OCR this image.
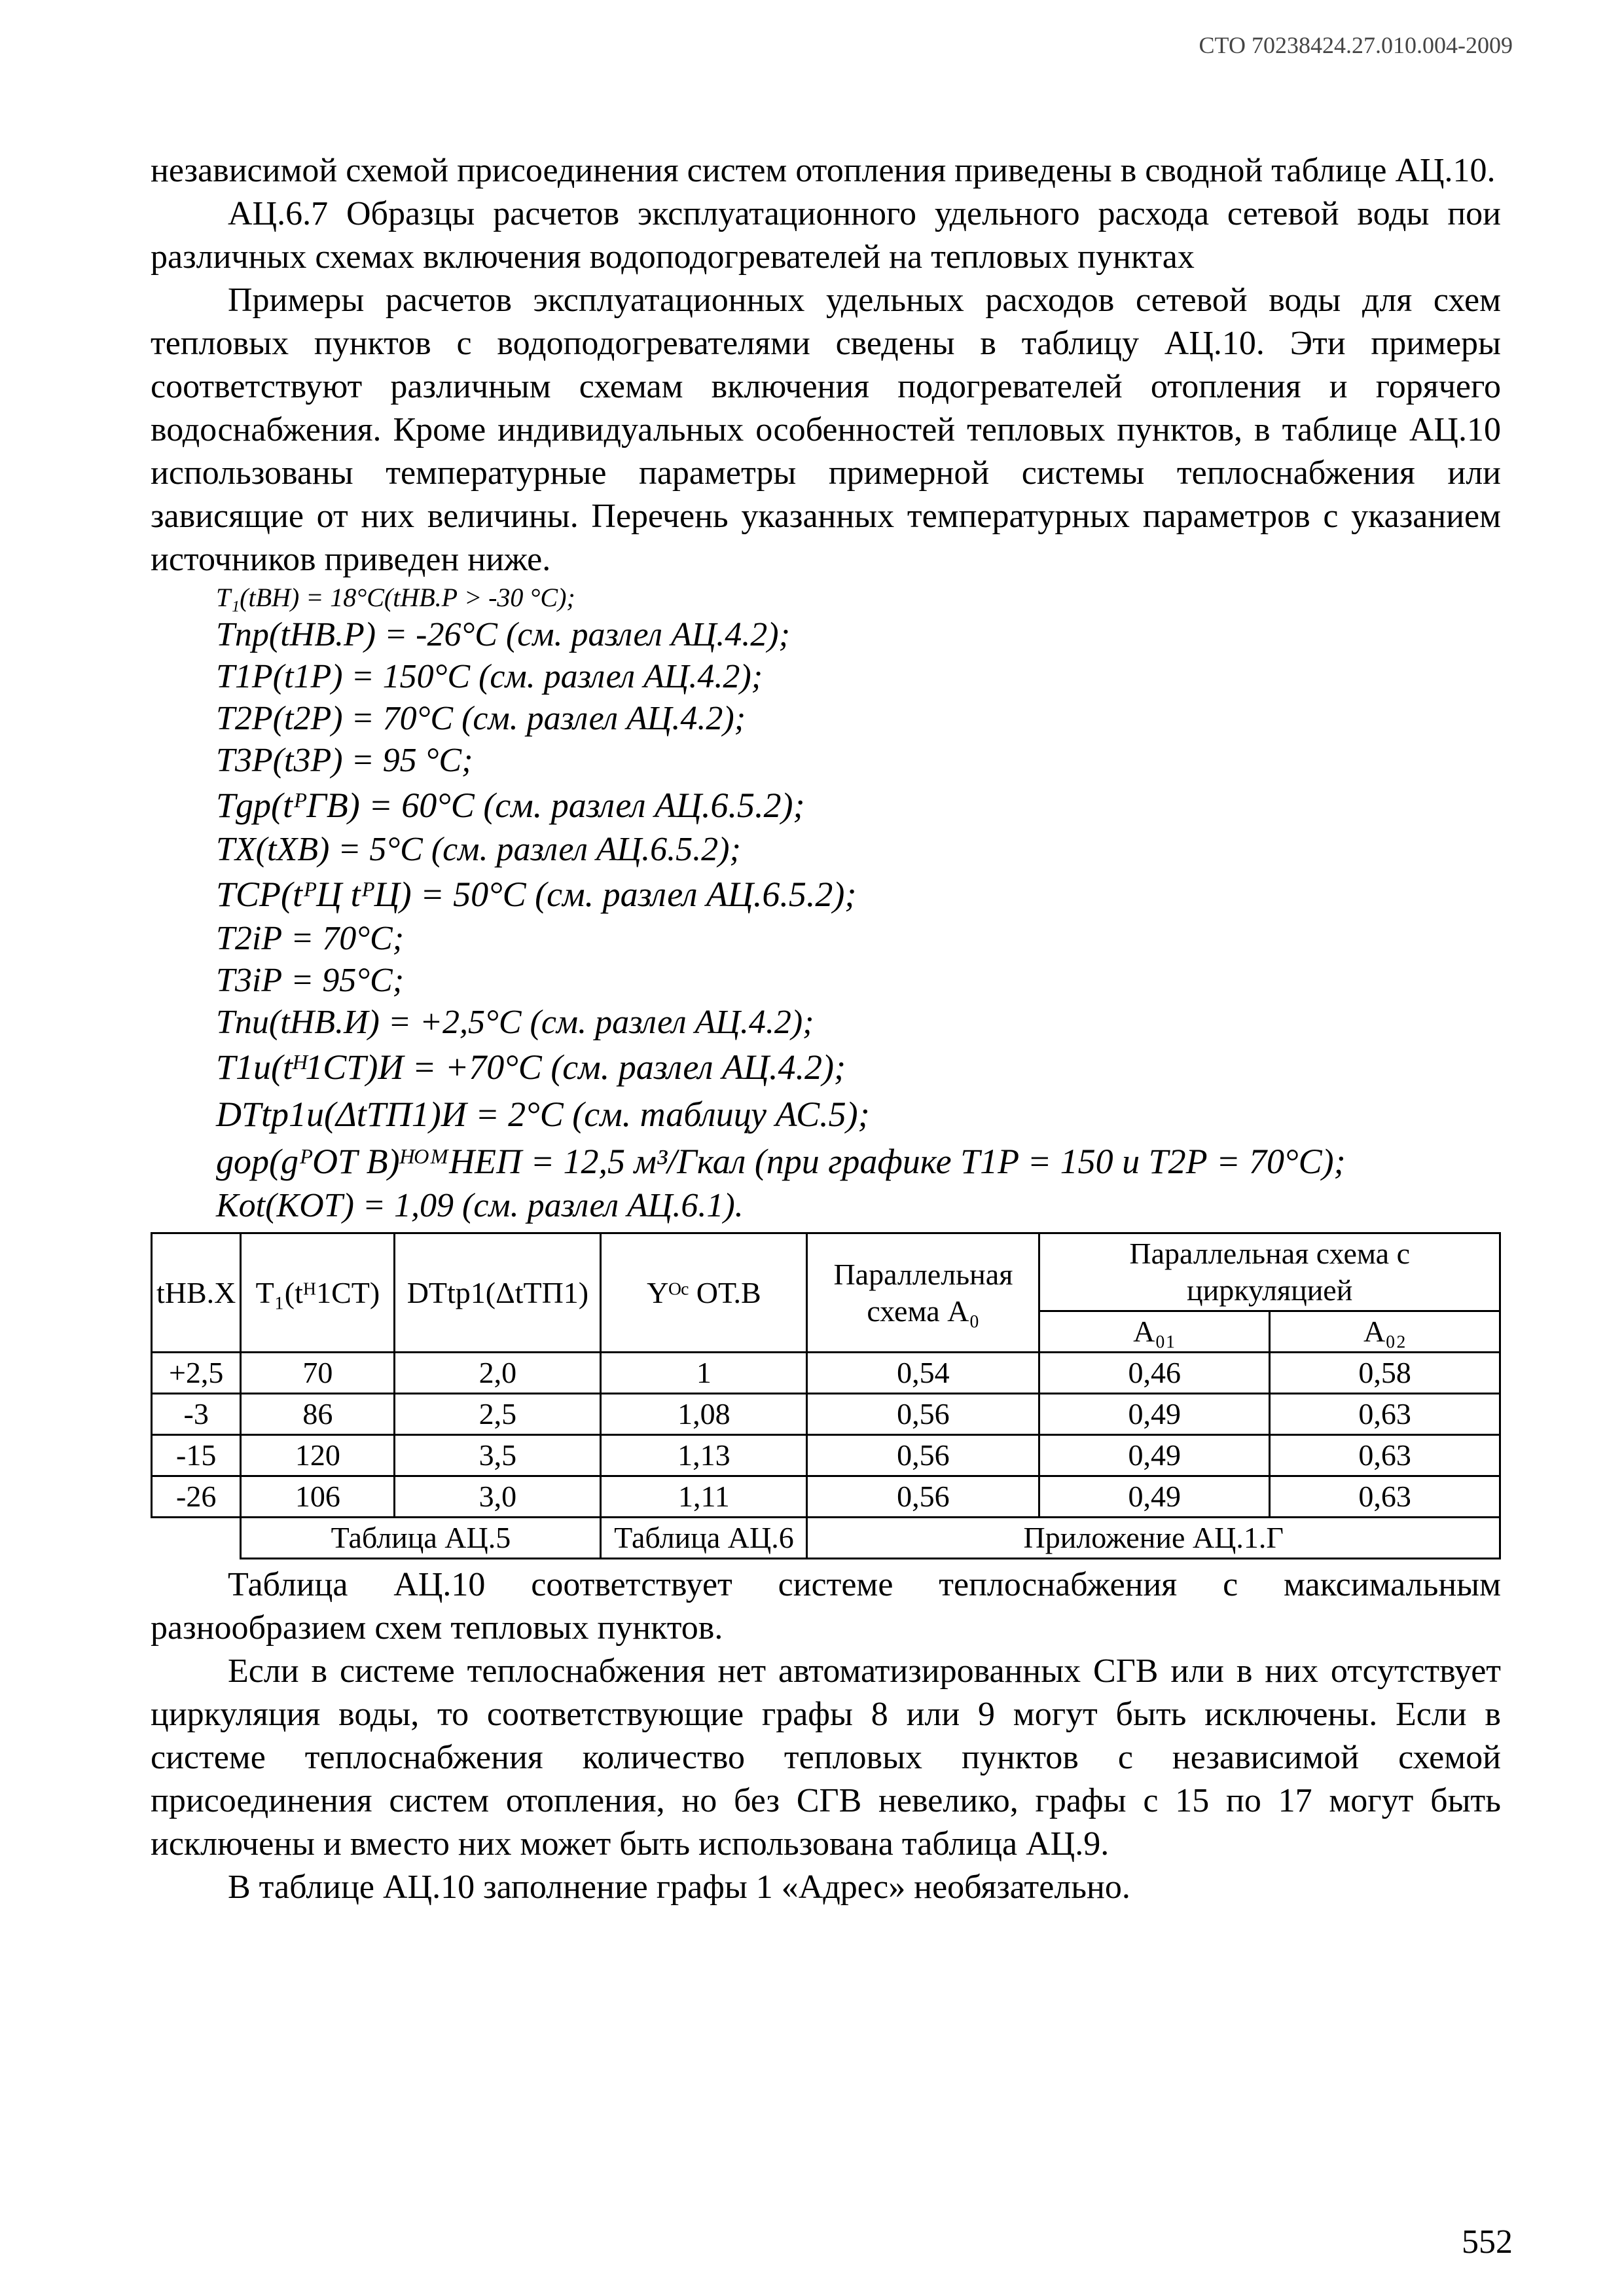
СТО 70238424.27.010.004-2009

независимой схемой присоединения систем отопления приведены в сводной таблице АЦ.10.

АЦ.6.7 Образцы расчетов эксплуатационного удельного расхода сетевой воды пои различных схемах включения водоподогревателей на тепловых пунктах

Примеры расчетов эксплуатационных удельных расходов сетевой воды для схем тепловых пунктов с водоподогревателями сведены в таблицу АЦ.10. Эти примеры соответствуют различным схемам включения подогревателей отопления и горячего водоснабжения. Кроме индивидуальных особенностей тепловых пунктов, в таблице АЦ.10 использованы температурные параметры примерной системы теплоснабжения или зависящие от них величины. Перечень указанных температурных параметров с указанием источников приведен ниже.

T₁(tВН) = 18°С(tНВ.Р > -30 °С);
Tпр(tНВ.Р) = -26°С (см. разлел АЦ.4.2);
T1Р(t1Р) = 150°С (см. разлел АЦ.4.2);
T2Р(t2Р) = 70°С (см. разлел АЦ.4.2);
T3Р(t3Р) = 95 °С;
Tgр(tᴾГВ) = 60°С (см. разлел АЦ.6.5.2);
TX(tХВ) = 5°С (см. разлел АЦ.6.5.2);
TСР(tᴾЦ tᴾЦ) = 50°С (см. разлел АЦ.6.5.2);
T2iР = 70°С;
T3iР = 95°С;
Tпи(tНВ.И) = +2,5°С (см. разлел АЦ.4.2);
T1и(tᴴ1СТ)И = +70°С (см. разлел АЦ.4.2);
DTtp1и(ΔtТП1)И = 2°С (см. таблицу АС.5);
gор(gᴾОТ В)ᴴᴼᴹНЕП = 12,5 м³/Гкал (при графике T1P = 150 и T2Р = 70°С);
Kot(KОТ) = 1,09 (см. разлел АЦ.6.1).
tНВ.Х	T₁(tᴴ1СТ)	DTtp1(ΔtТП1)	Yᴼᶜ ОТ.В	Параллельная схема А₀	Параллельная схема с циркуляцией	
					А₀₁	А₀₂
+2,5	70	2,0	1	0,54	0,46	0,58
-3	86	2,5	1,08	0,56	0,49	0,63
-15	120	3,5	1,13	0,56	0,49	0,63
-26	106	3,0	1,11	0,56	0,49	0,63
	Таблица АЦ.5		Таблица АЦ.6	Приложение АЦ.1.Г		

Таблица АЦ.10 соответствует системе теплоснабжения с максимальным разнообразием схем тепловых пунктов.

Если в системе теплоснабжения нет автоматизированных СГВ или в них отсутствует циркуляция воды, то соответствующие графы 8 или 9 могут быть исключены. Если в системе теплоснабжения количество тепловых пунктов с независимой схемой присоединения систем отопления, но без СГВ невелико, графы с 15 по 17 могут быть исключены и вместо них может быть использована таблица АЦ.9.

В таблице АЦ.10 заполнение графы 1 «Адрес» необязательно.

552
